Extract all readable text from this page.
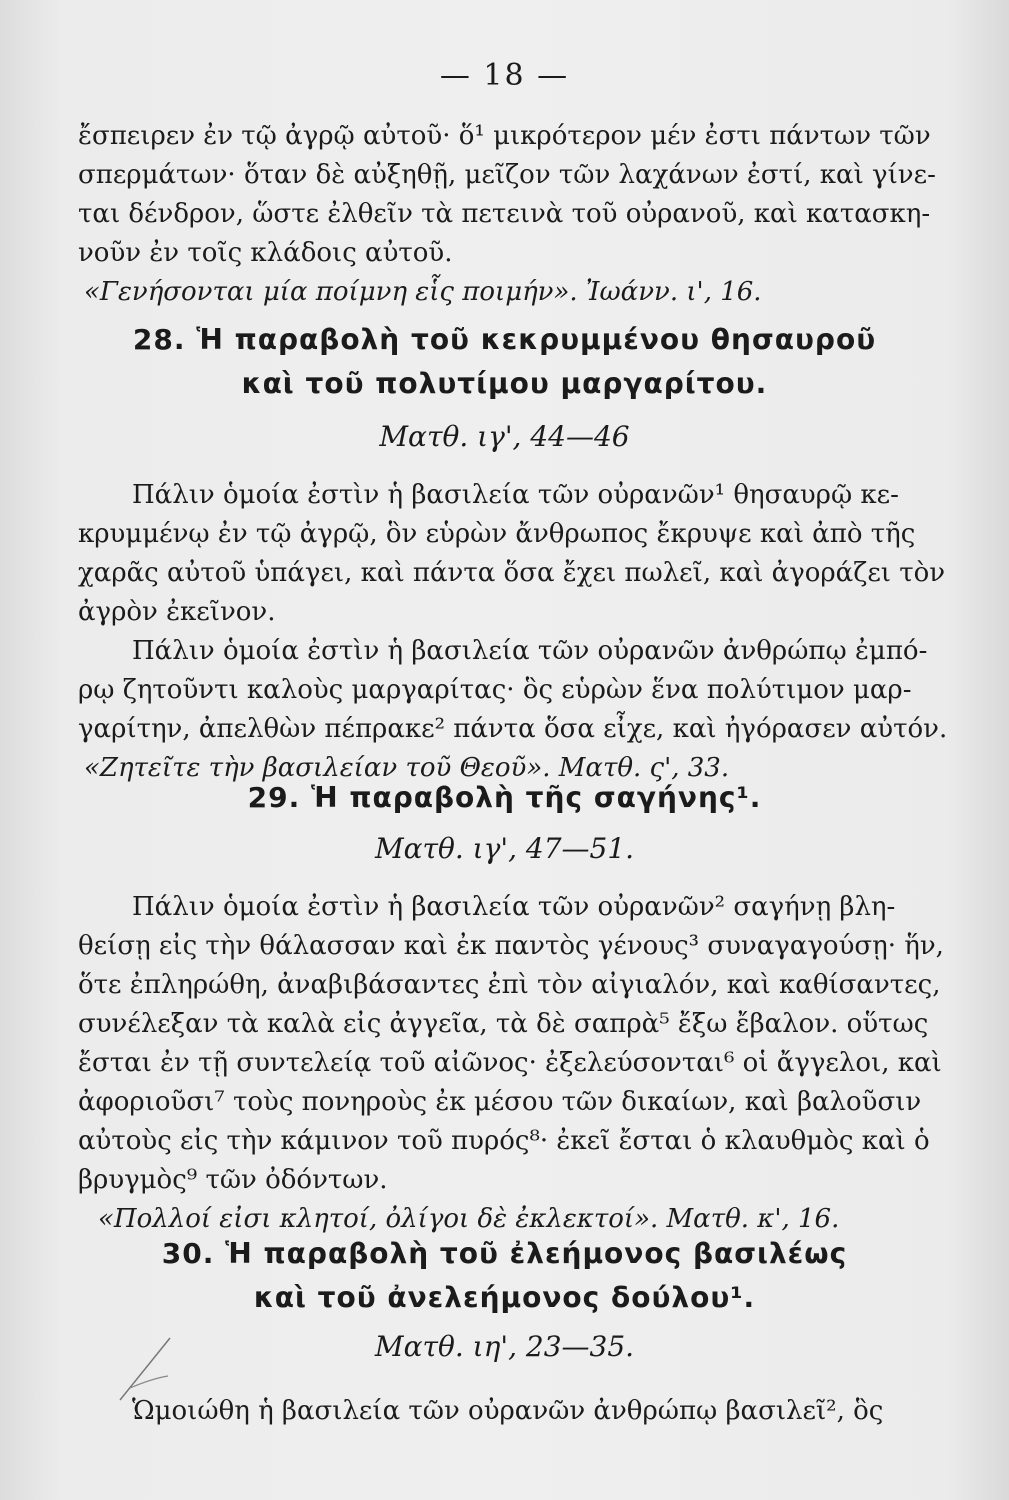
— 18 —
ἔσπειρεν ἐν τῷ ἀγρῷ αὐτοῦ· ὅ¹ μικρότερον μέν ἐστι πάντων τῶν
σπερμάτων· ὅταν δὲ αὐξηθῇ, μεῖζον τῶν λαχάνων ἐστί, καὶ γίνε-
ται δένδρον, ὥστε ἐλθεῖν τὰ πετεινὰ τοῦ οὐρανοῦ, καὶ κατασκη-
νοῦν ἐν τοῖς κλάδοις αὐτοῦ.
«Γενήσονται μία ποίμνη εἷς ποιμήν». Ἰωάνν. ι', 16.
28. Ἡ παραβολὴ τοῦ κεκρυμμένου θησαυροῦ
καὶ τοῦ πολυτίμου μαργαρίτου.
Ματθ. ιγ', 44—46
Πάλιν ὁμοία ἐστὶν ἡ βασιλεία τῶν οὐρανῶν¹ θησαυρῷ κε-
κρυμμένῳ ἐν τῷ ἀγρῷ, ὃν εὑρὼν ἄνθρωπος ἔκρυψε καὶ ἀπὸ τῆς
χαρᾶς αὐτοῦ ὑπάγει, καὶ πάντα ὅσα ἔχει πωλεῖ, καὶ ἀγοράζει τὸν
ἀγρὸν ἐκεῖνον.
Πάλιν ὁμοία ἐστὶν ἡ βασιλεία τῶν οὐρανῶν ἀνθρώπῳ ἐμπό-
ρῳ ζητοῦντι καλοὺς μαργαρίτας· ὃς εὑρὼν ἕνα πολύτιμον μαρ-
γαρίτην, ἀπελθὼν πέπρακε² πάντα ὅσα εἶχε, καὶ ἠγόρασεν αὐτόν.
«Ζητεῖτε τὴν βασιλείαν τοῦ Θεοῦ». Ματθ. ς', 33.
29. Ἡ παραβολὴ τῆς σαγήνης¹.
Ματθ. ιγ', 47—51.
Πάλιν ὁμοία ἐστὶν ἡ βασιλεία τῶν οὐρανῶν² σαγήνῃ βλη-
θείσῃ εἰς τὴν θάλασσαν καὶ ἐκ παντὸς γένους³ συναγαγούσῃ· ἥν,
ὅτε ἐπληρώθη, ἀναβιβάσαντες ἐπὶ τὸν αἰγιαλόν, καὶ καθίσαντες,
συνέλεξαν τὰ καλὰ εἰς ἀγγεῖα, τὰ δὲ σαπρὰ⁵ ἔξω ἔβαλον. οὕτως
ἔσται ἐν τῇ συντελείᾳ τοῦ αἰῶνος· ἐξελεύσονται⁶ οἱ ἄγγελοι, καὶ
ἀφοριοῦσι⁷ τοὺς πονηροὺς ἐκ μέσου τῶν δικαίων, καὶ βαλοῦσιν
αὐτοὺς εἰς τὴν κάμινον τοῦ πυρός⁸· ἐκεῖ ἔσται ὁ κλαυθμὸς καὶ ὁ
βρυγμὸς⁹ τῶν ὀδόντων.
«Πολλοί εἰσι κλητοί, ὀλίγοι δὲ ἐκλεκτοί». Ματθ. κ', 16.
30. Ἡ παραβολὴ τοῦ ἐλεήμονος βασιλέως
καὶ τοῦ ἀνελεήμονος δούλου¹.
Ματθ. ιη', 23—35.
Ὡμοιώθη ἡ βασιλεία τῶν οὐρανῶν ἀνθρώπῳ βασιλεῖ², ὃς
